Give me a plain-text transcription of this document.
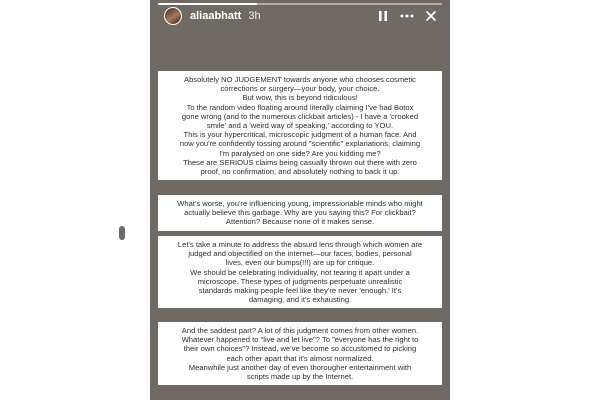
aliaabhatt 3h
Absolutely NO JUDGEMENT towards anyone who chooses cosmetic
corrections or surgery—your body, your choice.
But wow, this is beyond ridiculous!
To the random video floating around literally claiming I've had Botox
gone wrong (and to the numerous clickbait articles) - I have a 'crooked
smile' and a 'weird way of speaking,' according to YOU.
This is your hypercritical, microscopic judgment of a human face. And
now you're confidently tossing around "scientific" explanations, claiming
I'm paralysed on one side? Are you kidding me?
These are SERIOUS claims being casually thrown out there with zero
proof, no confirmation, and absolutely nothing to back it up.
What's worse, you're influencing young, impressionable minds who might
actually believe this garbage. Why are you saying this? For clickbait?
Attention? Because none of it makes sense.
Let's take a minute to address the absurd lens through which women are
judged and objectified on the internet—our faces, bodies, personal
lives, even our bumps(!!!) are up for critique.
We should be celebrating individuality, not tearing it apart under a
microscope. These types of judgments perpetuate unrealistic
standards making people feel like they're never 'enough.' It's
damaging, and it's exhausting.
And the saddest part? A lot of this judgment comes from other women.
Whatever happened to "live and let live"? To "everyone has the right to
their own choices"? Instead, we've become so accustomed to picking
each other apart that it's almost normalized.
Meanwhile just another day of even thorougher entertainment with
scripts made up by the Internet.
